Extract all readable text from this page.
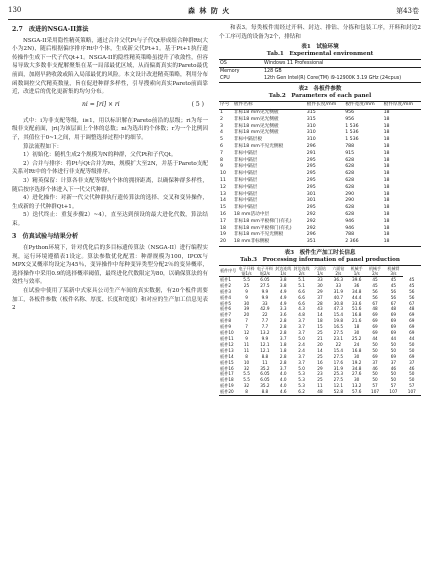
130	森 林 防 火	第43卷
2.7　改进的NSGA-II算法

NSGA-II采用隐性精英策略，通过合并父代Pt与子代Qt形成组合种群Rt(大小为2N)，随后根据偏序排序Rt中个体，生成新父代Pt+1。基于Pt+1执行遗传操作生成下一代子代Qt+1。NSGA-II的隐性精英策略虽提升了收敛性，但容易导致大多数非支配解聚集在某一局部最优区域，从而偏离真实的Pareto最优前面，加剧早熟收敛或陷入局部最优的风险。本文设计改进精英策略，利用分布函数调控父代精英数量，旨在促进种群多样性，引导搜索向真实Pareto前面靠近，改进后的优化更新集的均匀分布。

ni = [ri] × ri	( 5 )

式中：i为非支配等级，i≥1，用以标识解在Pareto前沿的层级；ri为每一级非支配前面，|ri|为该层面上个体的总数；ni为选出的个体数；r为一个比例因子，其值位于0~1之间，用于调整选择过程中的细节。

算法流程如下：

1）初始化：随机生成2个规模为N的种群，父代Pt和子代Qt。

2）合并与排序：将Pt与Qt合并为Rt，规模扩大至2N，并基于Pareto支配关系对Rt中的个体进行非支配等级排序。

3）精英保留：计算各非支配等级内个体的拥挤距离，以确保种群多样性，随后按序选择个体进入下一代父代种群。

4）进化操作：对新一代父代种群执行遗传算法的选择、交叉和变异操作，生成新的子代种群Qt+1。

5）迭代终止：重复步骤2）~4），直至达到预设的最大进化代数，算法结束。

3　仿真试验与结果分析

在Python环境下，针对优化后的多目标遗传算法（NSGA-II）进行编程实现，运行环境遵循表1设定。算法参数优化配置：种群规模为100，IPOX与MPX交叉概率均设定为45％，变异操作中每种变异类型分配2％的变异概率，选择操作中采用0.9的选择概率阈值，最终进化代数限定为80，以确保算法的有效性与效率。

在试验中使用了某新中式家具公司生产车间的真实数据，有20个板件需要加工，各板件参数（板件名称、厚度、长度和宽度）和对应的生产加工信息见表2

和表3。每类板件需经过开料、封边、排钻、分拣和包装工序，开料和封边2个工序可选的设备为2个，排钻和

表1　试验环境
Tab.1　Experimental environment
OS	Windows 11 Professional
Memory	128 GB
CPU	12th Gen Intel(R) Core(TM) i9-12900K 3.19 GHz (24cpus)
表2　各板件参数
Tab.2　Parameters of each panel
序号	板件名称	板件长度/mm	板件宽度/mm	板件厚度/mm
1	非标18 mm见光侧板	315	956	18
2	非标18 mm见光侧板	315	956	18
3	非标18 mm见光侧板	310	1 536	18
4	非标18 mm见光侧板	310	1 536	18
5	非标中隔层板	310	1 536	18
6	非标18 mm不见光侧板	296	788	18
7	非标中隔层	291	915	18
8	非标中隔层	295	628	18
9	非标中隔层	295	628	18
10	非标中隔层	295	628	18
11	非标中隔层	295	628	18
12	非标中隔层	295	628	18
13	非标中隔层	301	290	18
14	非标中隔层	301	290	18
15	非标中隔层	295	628	18
16	18 mm活动中层	292	628	18
17	非标18 mm平板梯门(有孔)	292	946	18
18	非标18 mm平板梯门(有孔)	292	946	18
19	非标18 mm不见光侧板	296	788	18
20	18 mm非标侧板	351	2 366	18
表3　板件生产加工时长信息
Tab.3　Processing information of panel production
板件序号	电子开料锯1/s	电子开料锯2/s	封边连线1/s	封边连线2/s	六面钻1/s	六面钻2/s	机械手1/s	机械手2/s	机械臂3/s	
板件1	5.5	6.05	3.8	5.1	33	36.3	39.6	45	45	45
板件2	25	27.5	3.8	5.1	30	33	36	45	45	45
板件3	9	9.9	4.9	6.6	29	31.9	34.8	56	56	56
板件4	9	9.9	4.9	6.6	37	40.7	44.4	56	56	56
板件5	30	33	4.9	6.6	28	30.8	33.6	67	67	67
板件6	39	42.9	3.3	4.3	43	47.3	51.6	48	48	48
板件7	20	22	3.6	4.8	14	15.4	16.8	69	69	69
板件8	7	7.7	2.8	3.7	18	19.8	21.6	69	69	69
板件9	7	7.7	2.8	3.7	15	16.5	18	69	69	69
板件10	12	13.2	2.8	3.7	25	27.5	30	69	69	69
板件11	9	9.9	3.7	5.0	21	23.1	25.2	44	44	44
板件12	11	12.1	1.8	2.4	20	22	24	50	50	50
板件13	11	12.1	1.8	2.4	14	15.4	16.8	50	50	50
板件14	8	8.8	2.8	3.7	25	27.5	30	69	69	69
板件15	10	11	2.8	3.7	16	17.6	19.2	37	37	37
板件16	32	35.2	3.7	5.0	29	31.9	34.8	46	46	46
板件17	5.5	6.05	4.0	5.3	23	25.3	27.6	50	50	50
板件18	5.5	6.05	4.0	5.3	25	27.5	30	50	50	50
板件19	32	35.2	4.0	5.3	11	12.1	13.2	57	57	57
板件20	8	8.8	4.6	6.2	48	52.8	57.6	107	107	107
